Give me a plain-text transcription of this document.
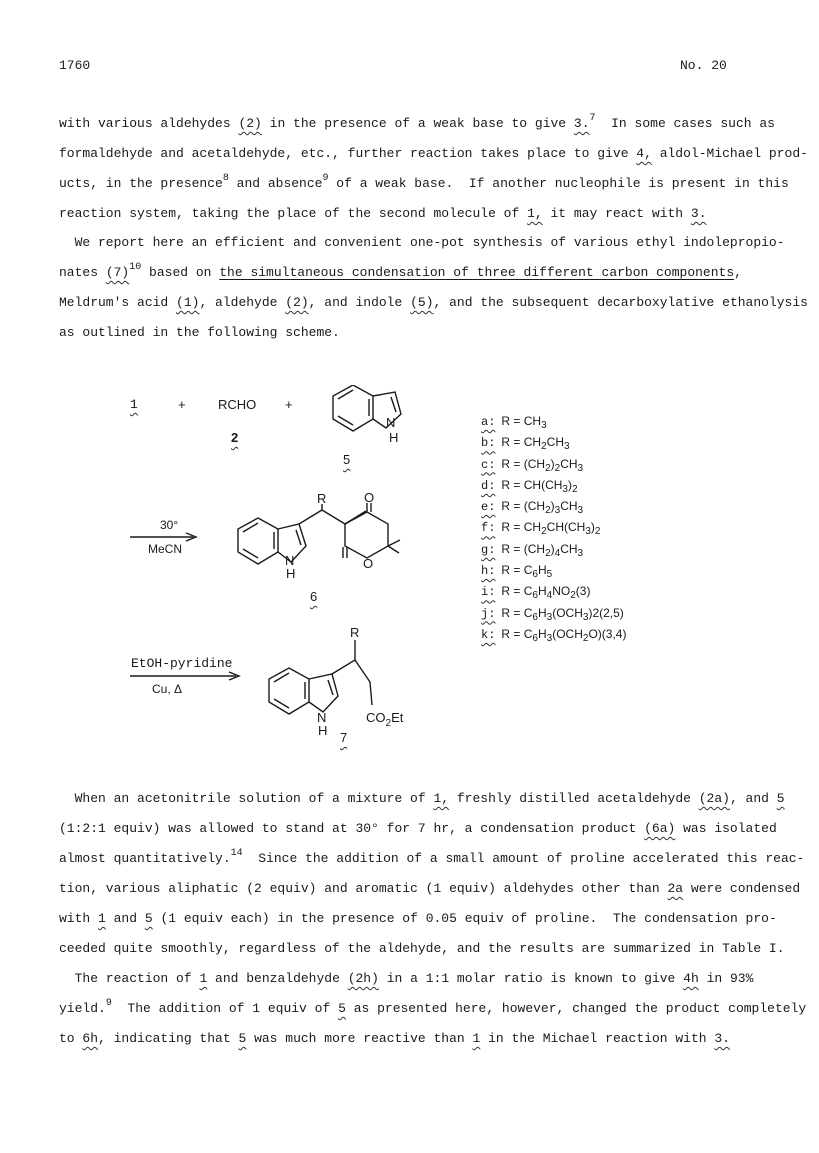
1760	No. 20
with various aldehydes (2) in the presence of a weak base to give 3.$^7$  In some cases such as
formaldehyde and acetaldehyde, etc., further reaction takes place to give 4, aldol-Michael prod-
ucts, in the presence$^8$ and absence$^9$ of a weak base.  If another nucleophile is present in this
reaction system, taking the place of the second molecule of 1, it may react with 3.
We report here an efficient and convenient one-pot synthesis of various ethyl indolepropio-
nates $(7)^{10}$ based on the simultaneous condensation of three different carbon components,
Meldrum's acid (1), aldehyde (2), and indole (5), and the subsequent decarboxylative ethanolysis
as outlined in the following scheme.
N
H
N
H
R	O
O
N
H
R
$CO_2Et$
1	+ RCHO +
2
5
30°
MeCN
6
EtOH-pyridine
Cu, Δ
7
a: $R = CH_3$
b: $R = CH_2CH_3$
c: $R = (CH_2)_2CH_3$
d: $R = CH(CH_3)_2$
e: $R = (CH_2)_3CH_3$
f: $R = CH_2CH(CH_3)_2$
g: $R = (CH_2)_4CH_3$
h: $R = C_6H_5$
i: $R = C_6H_4NO_2(3)$
j: $R = C_6H_3(OCH_3)2(2,5)$
k: $R = C_6H_3(OCH_2O)(3,4)$
When an acetonitrile solution of a mixture of 1, freshly distilled acetaldehyde (2a), and 5
(1:2:1 equiv) was allowed to stand at 30° for 7 hr, a condensation product (6a) was isolated
almost quantitatively.$^{14}$  Since the addition of a small amount of proline accelerated this reac-
tion, various aliphatic (2 equiv) and aromatic (1 equiv) aldehydes other than 2a were condensed
with 1 and 5 (1 equiv each) in the presence of 0.05 equiv of proline.  The condensation pro-
ceeded quite smoothly, regardless of the aldehyde, and the results are summarized in Table I.
The reaction of 1 and benzaldehyde (2h) in a 1:1 molar ratio is known to give 4h in 93%
yield.$^9$  The addition of 1 equiv of 5 as presented here, however, changed the product completely
to 6h, indicating that 5 was much more reactive than 1 in the Michael reaction with 3.
